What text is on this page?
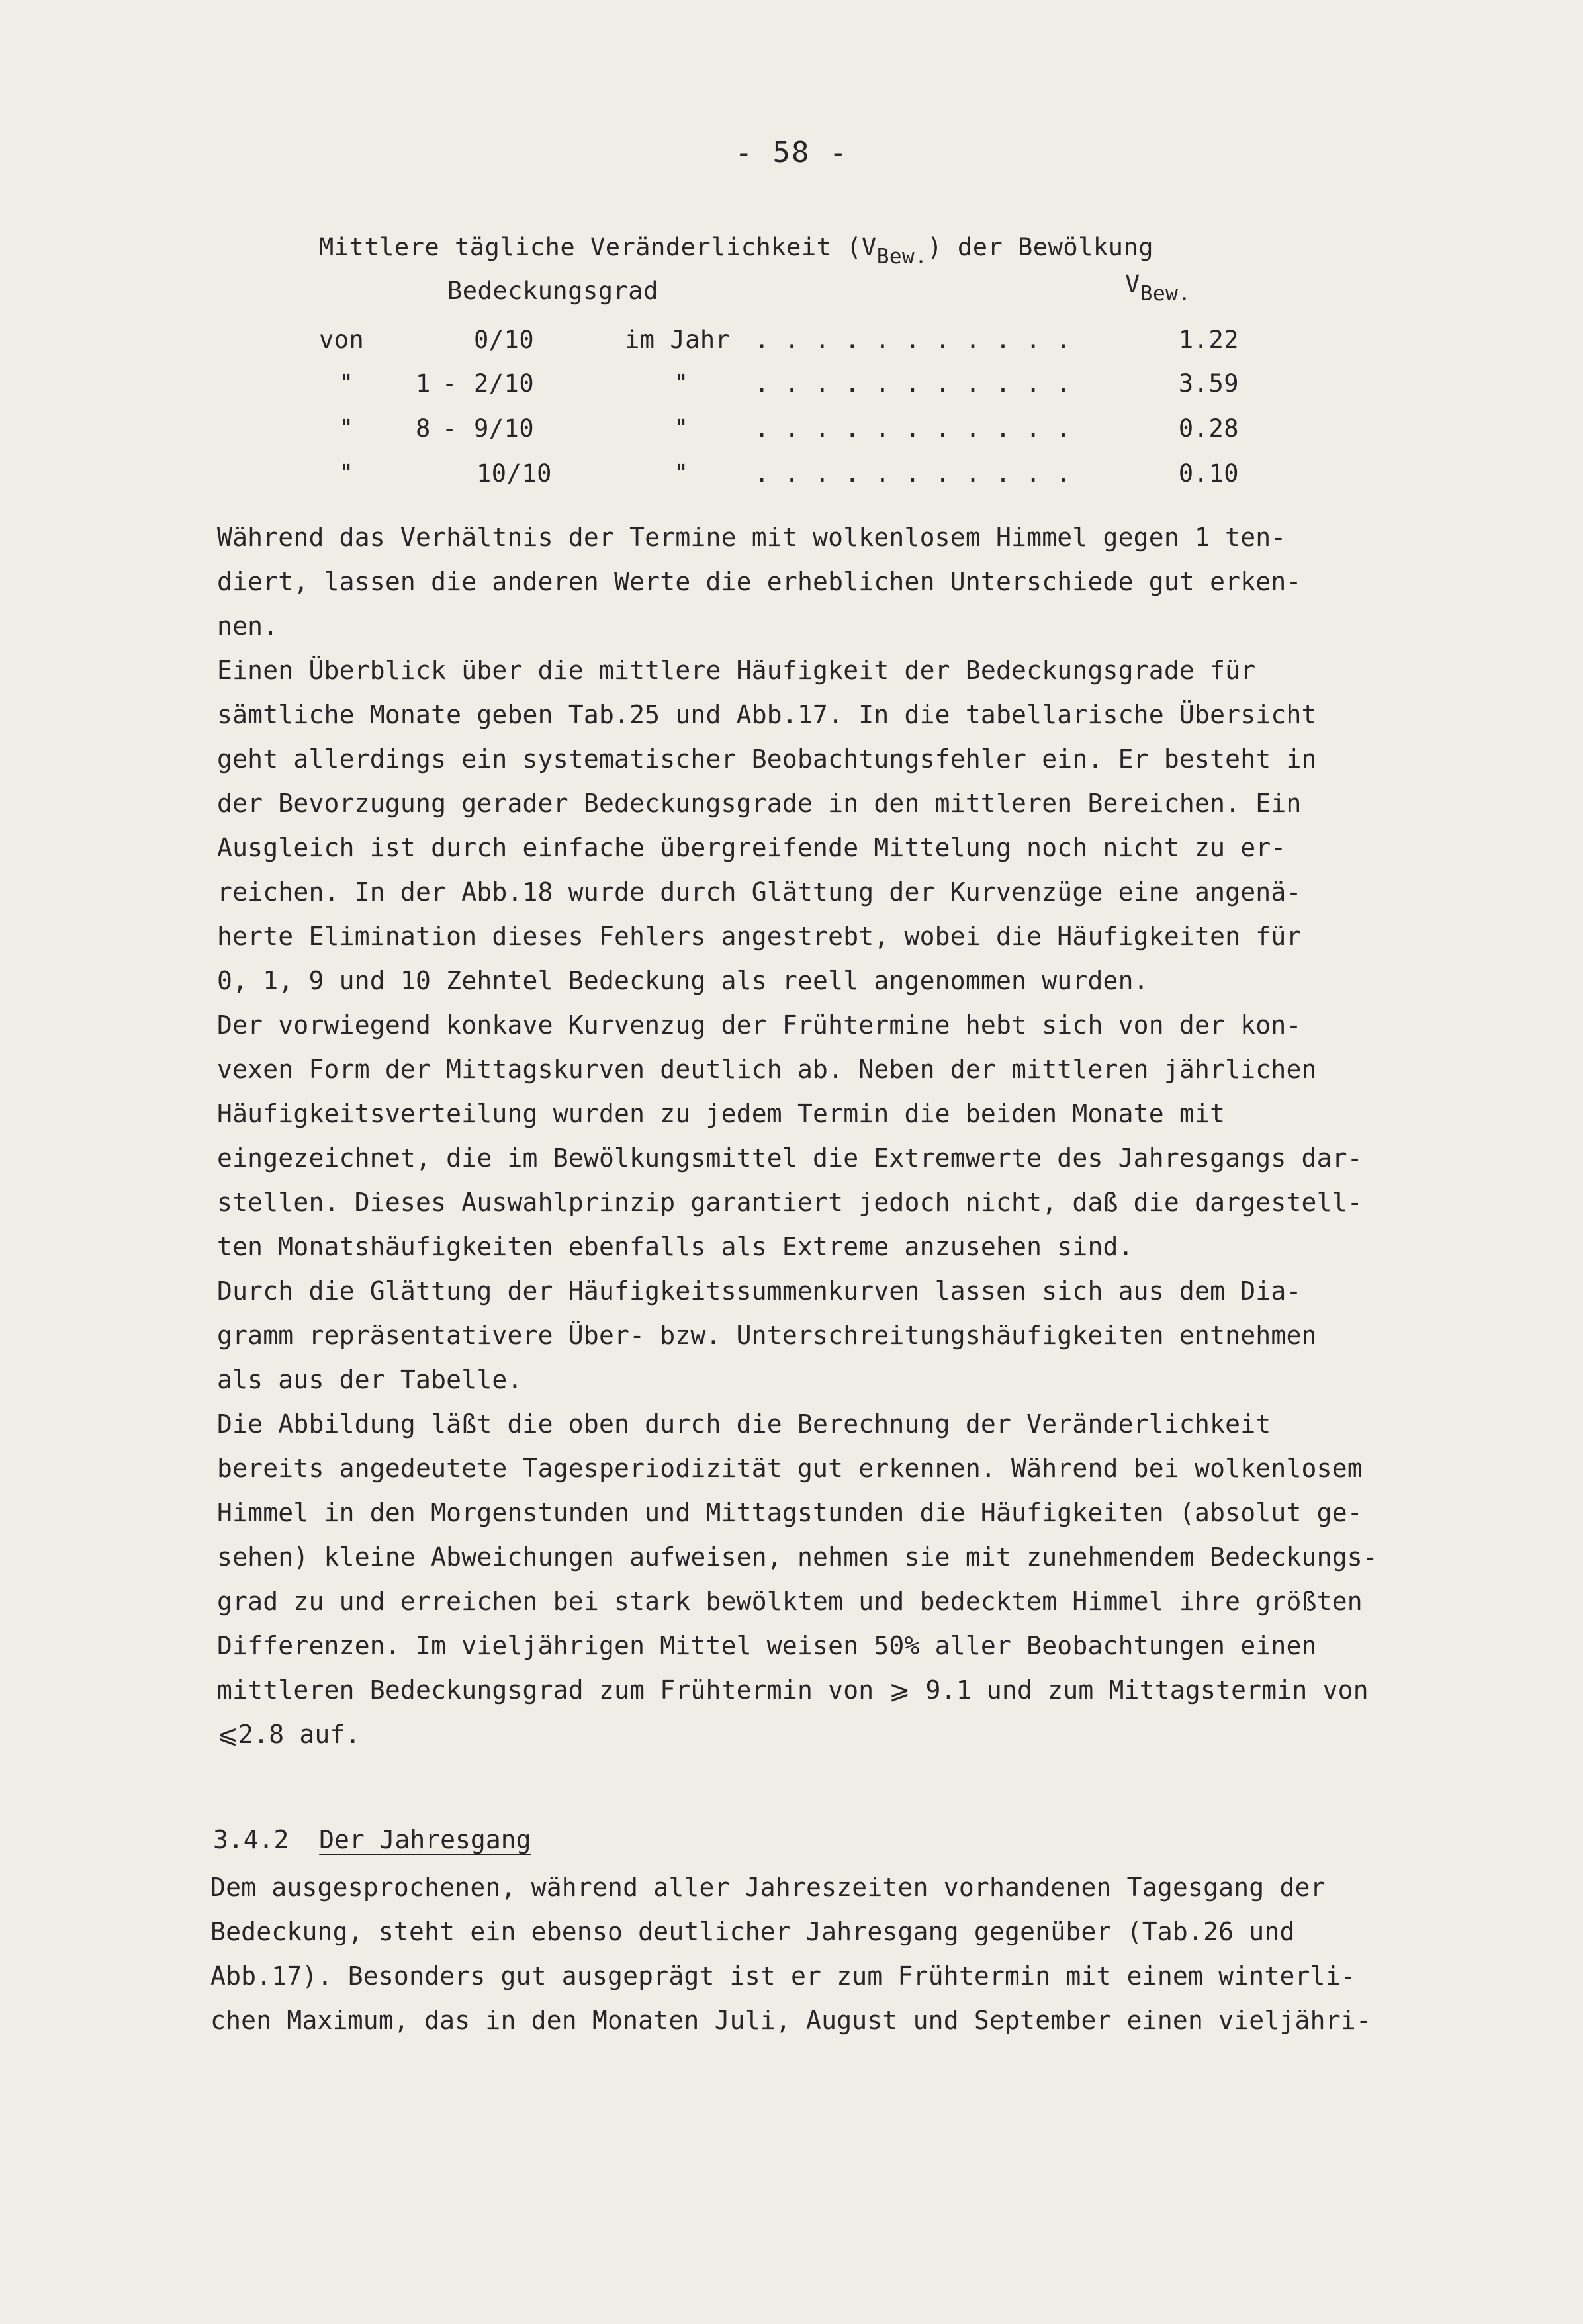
- 58 -
Mittlere tägliche Veränderlichkeit $(V_{Bew.})$ der Bewölkung
Bedeckungsgrad	$V_{Bew.}$
von	0/10	im Jahr . . . . . . . . . . .	1.22
"	1 - 2/10	"	. . . . . . . . . . .	3.59
"	8 - 9/10	"	. . . . . . . . . . .	0.28
"	10/10	"	. . . . . . . . . . .	0.10

Während das Verhältnis der Termine mit wolkenlosem Himmel gegen 1 ten-

diert, lassen die anderen Werte die erheblichen Unterschiede gut erken-

nen.

Einen Überblick über die mittlere Häufigkeit der Bedeckungsgrade für

sämtliche Monate geben Tab.25 und Abb.17. In die tabellarische Übersicht

geht allerdings ein systematischer Beobachtungsfehler ein. Er besteht in

der Bevorzugung gerader Bedeckungsgrade in den mittleren Bereichen. Ein

Ausgleich ist durch einfache übergreifende Mittelung noch nicht zu er-

reichen. In der Abb.18 wurde durch Glättung der Kurvenzüge eine angenä-

herte Elimination dieses Fehlers angestrebt, wobei die Häufigkeiten für

0, 1, 9 und 10 Zehntel Bedeckung als reell angenommen wurden.

Der vorwiegend konkave Kurvenzug der Frühtermine hebt sich von der kon-

vexen Form der Mittagskurven deutlich ab. Neben der mittleren jährlichen

Häufigkeitsverteilung wurden zu jedem Termin die beiden Monate mit

eingezeichnet, die im Bewölkungsmittel die Extremwerte des Jahresgangs dar-

stellen. Dieses Auswahlprinzip garantiert jedoch nicht, daß die dargestell-

ten Monatshäufigkeiten ebenfalls als Extreme anzusehen sind.

Durch die Glättung der Häufigkeitssummenkurven lassen sich aus dem Dia-

gramm repräsentativere Über- bzw. Unterschreitungshäufigkeiten entnehmen

als aus der Tabelle.

Die Abbildung läßt die oben durch die Berechnung der Veränderlichkeit

bereits angedeutete Tagesperiodizität gut erkennen. Während bei wolkenlosem

Himmel in den Morgenstunden und Mittagstunden die Häufigkeiten (absolut ge-

sehen) kleine Abweichungen aufweisen, nehmen sie mit zunehmendem Bedeckungs-

grad zu und erreichen bei stark bewölktem und bedecktem Himmel ihre größten

Differenzen. Im vieljährigen Mittel weisen 50% aller Beobachtungen einen

mittleren Bedeckungsgrad zum Frühtermin von ⩾ 9.1 und zum Mittagstermin von

⩽2.8 auf.

3.4.2 Der Jahresgang

Dem ausgesprochenen, während aller Jahreszeiten vorhandenen Tagesgang der

Bedeckung, steht ein ebenso deutlicher Jahresgang gegenüber (Tab.26 und

Abb.17). Besonders gut ausgeprägt ist er zum Frühtermin mit einem winterli-

chen Maximum, das in den Monaten Juli, August und September einen vieljähri-
